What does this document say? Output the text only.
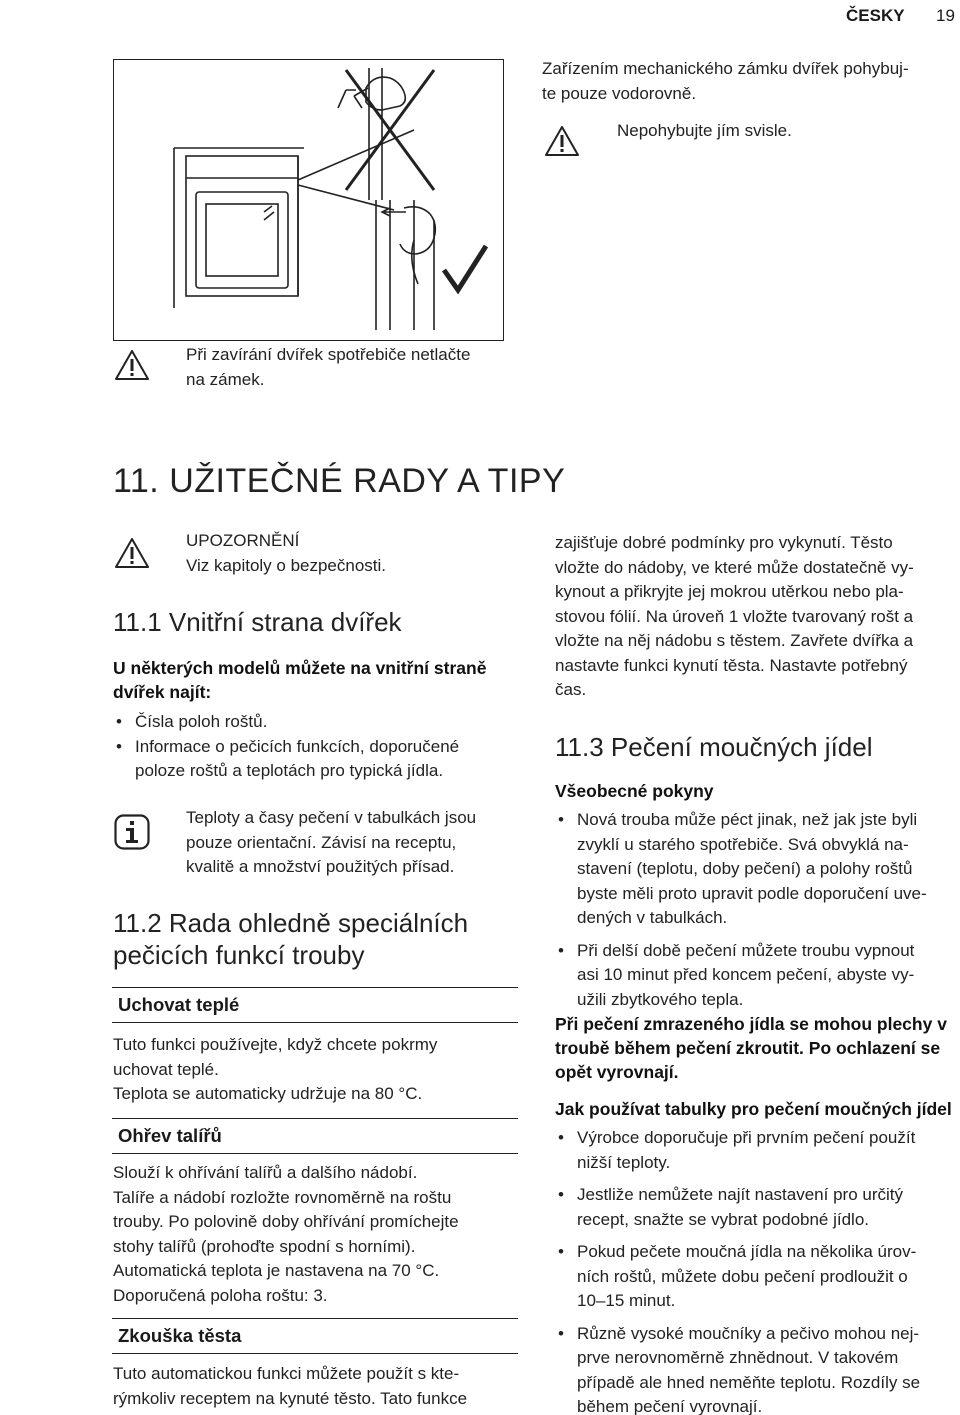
ČESKY 19
Zařízením mechanického zámku dvířek pohybuj-
te pouze vodorovně.
Nepohybujte jím svisle.
Při zavírání dvířek spotřebiče netlačte
na zámek.
11. UŽITEČNÉ RADY A TIPY
UPOZORNĚNÍ
Viz kapitoly o bezpečnosti.
11.1 Vnitřní strana dvířek
U některých modelů můžete na vnitřní straně
dvířek najít:
• Čísla poloh roštů.
• Informace o pečicích funkcích, doporučené
poloze roštů a teplotách pro typická jídla.
Teploty a časy pečení v tabulkách jsou
pouze orientační. Závisí na receptu,
kvalitě a množství použitých přísad.
11.2 Rada ohledně speciálních
pečicích funkcí trouby
Uchovat teplé
Tuto funkci používejte, když chcete pokrmy
uchovat teplé.
Teplota se automaticky udržuje na 80 °C.
Ohřev talířů
Slouží k ohřívání talířů a dalšího nádobí.
Talíře a nádobí rozložte rovnoměrně na roštu
trouby. Po polovině doby ohřívání promíchejte
stohy talířů (prohoďte spodní s horními).
Automatická teplota je nastavena na 70 °C.
Doporučená poloha roštu: 3.
Zkouška těsta
Tuto automatickou funkci můžete použít s kte-
rýmkoliv receptem na kynuté těsto. Tato funkce
zajišťuje dobré podmínky pro vykynutí. Těsto
vložte do nádoby, ve které může dostatečně vy-
kynout a přikryjte jej mokrou utěrkou nebo pla-
stovou fólií. Na úroveň 1 vložte tvarovaný rošt a
vložte na něj nádobu s těstem. Zavřete dvířka a
nastavte funkci kynutí těsta. Nastavte potřebný
čas.
11.3 Pečení moučných jídel
Všeobecné pokyny
• Nová trouba může péct jinak, než jak jste byli
zvyklí u starého spotřebiče. Svá obvyklá na-
stavení (teplotu, doby pečení) a polohy roštů
byste měli proto upravit podle doporučení uve-
dených v tabulkách.
• Při delší době pečení můžete troubu vypnout
asi 10 minut před koncem pečení, abyste vy-
užili zbytkového tepla.
Při pečení zmrazeného jídla se mohou plechy v
troubě během pečení zkroutit. Po ochlazení se
opět vyrovnají.
Jak používat tabulky pro pečení moučných jídel
• Výrobce doporučuje při prvním pečení použít
nižší teploty.
• Jestliže nemůžete najít nastavení pro určitý
recept, snažte se vybrat podobné jídlo.
• Pokud pečete moučná jídla na několika úrov-
ních roštů, můžete dobu pečení prodloužit o
10–15 minut.
• Různě vysoké moučníky a pečivo mohou nej-
prve nerovnoměrně zhnědnout. V takovém
případě ale hned neměňte teplotu. Rozdíly se
během pečení vyrovnají.
